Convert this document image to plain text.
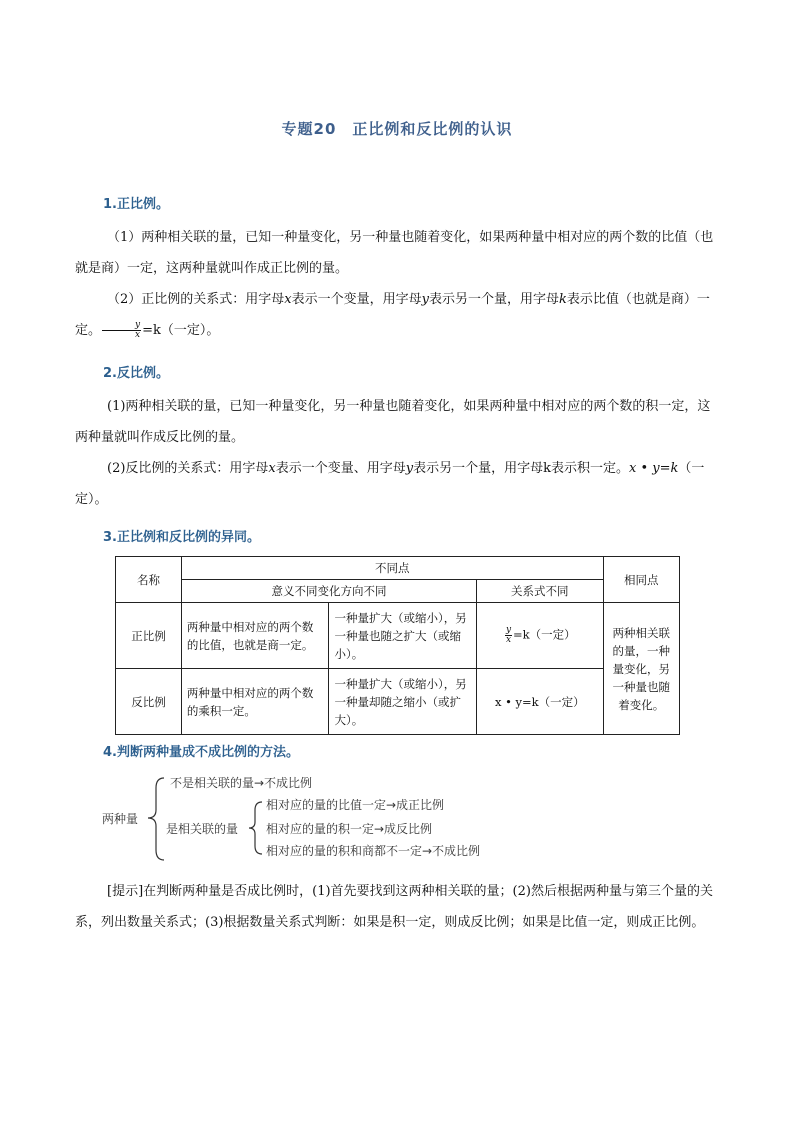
专题20　正比例和反比例的认识
1.正比例。

（1）两种相关联的量，已知一种量变化，另一种量也随着变化，如果两种量中相对应的两个数的比值（也就是商）一定，这两种量就叫作成正比例的量。

（2）正比例的关系式：用字母x表示一个变量，用字母y表示另一个量，用字母k表示比值（也就是商）一定。 $\frac{y}{x} =k$（一定）。

2.反比例。

(1)两种相关联的量，已知一种量变化，另一种量也随着变化，如果两种量中相对应的两个数的积一定，这两种量就叫作成反比例的量。

(2)反比例的关系式：用字母x表示一个变量、用字母y表示另一个量，用字母k表示积一定。x • y=k（一定）。

3.正比例和反比例的异同。
名称	不同点			相同点
	意义不同变化方向不同		关系式不同	
正比例	两种量中相对应的两个数的比值，也就是商一定。	一种量扩大（或缩小），另一种量也随之扩大（或缩小）。	$\frac{y}{x} =k$（一定）	两种相关联的量，一种量变化，另一种量也随着变化。
反比例	两种量中相对应的两个数的乘积一定。	一种量扩大（或缩小），另一种量却随之缩小（或扩大）。	x • y=k（一定）	
4.判断两种量成不成比例的方法。
两种量
不是相关联的量→不成比例
是相关联的量
相对应的量的比值一定→成正比例
相对应的量的积一定→成反比例
相对应的量的积和商都不一定→不成比例

[提示]在判断两种量是否成比例时，(1)首先要找到这两种相关联的量；(2)然后根据两种量与第三个量的关系，列出数量关系式；(3)根据数量关系式判断：如果是积一定，则成反比例；如果是比值一定，则成正比例。
